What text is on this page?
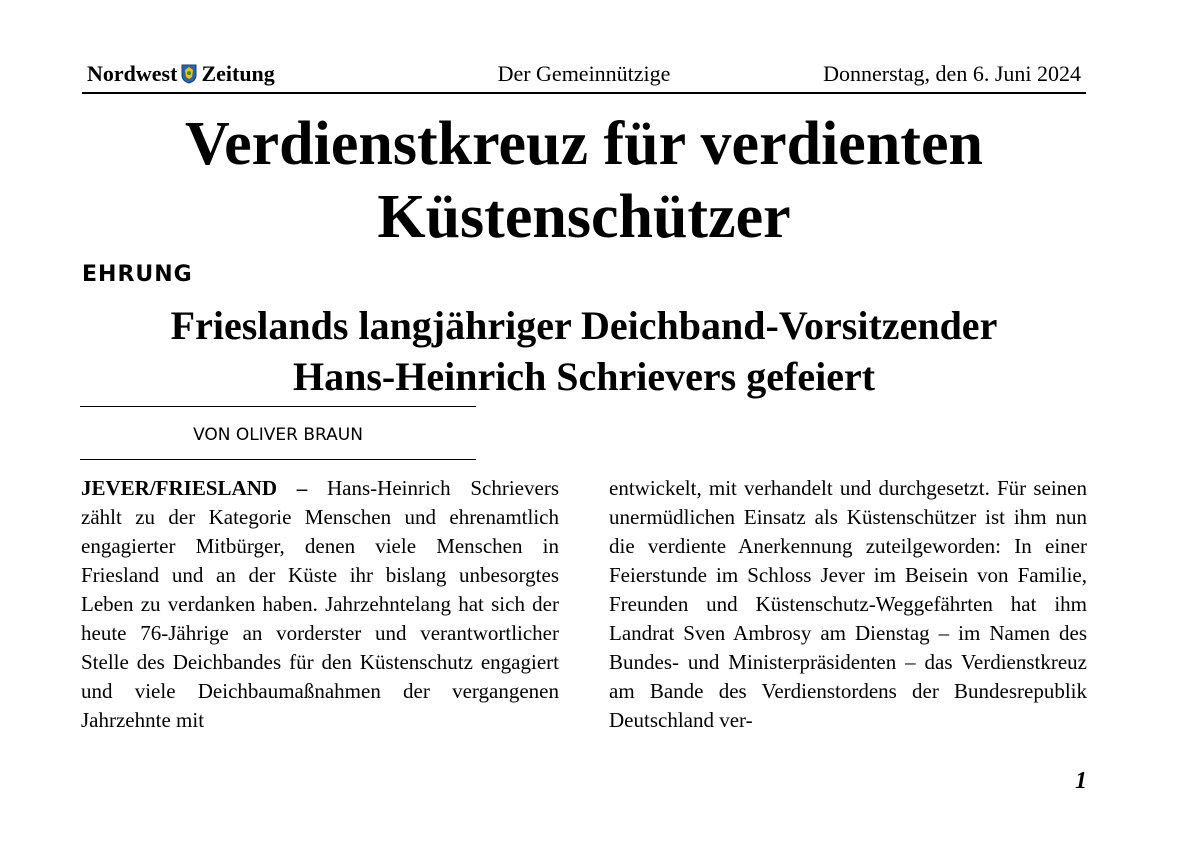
Nordwest Zeitung	Der Gemeinnützige	Donnerstag, den 6. Juni 2024
Verdienstkreuz für verdienten
Küstenschützer
EHRUNG
Frieslands langjähriger Deichband-Vorsitzender
Hans-Heinrich Schrievers gefeiert
VON OLIVER BRAUN
JEVER/FRIESLAND – Hans-Heinrich Schrievers zählt zu der Kategorie Menschen und ehrenamtlich engagierter Mitbürger, denen viele Menschen in Friesland und an der Küste ihr bislang unbesorgtes Leben zu verdanken haben. Jahrzehntelang hat sich der heute 76-Jährige an vorderster und verantwortlicher Stelle des Deichbandes für den Küstenschutz engagiert und viele Deichbaumaßnahmen der vergangenen Jahrzehnte mit
entwickelt, mit verhandelt und durchgesetzt. Für seinen unermüdlichen Einsatz als Küstenschützer ist ihm nun die verdiente Anerkennung zuteilgeworden: In einer Feierstunde im Schloss Jever im Beisein von Familie, Freunden und Küstenschutz-Weggefährten hat ihm Landrat Sven Ambrosy am Dienstag – im Namen des Bundes- und Ministerpräsidenten – das Verdienstkreuz am Bande des Verdienstordens der Bundesrepublik Deutschland ver-
1
